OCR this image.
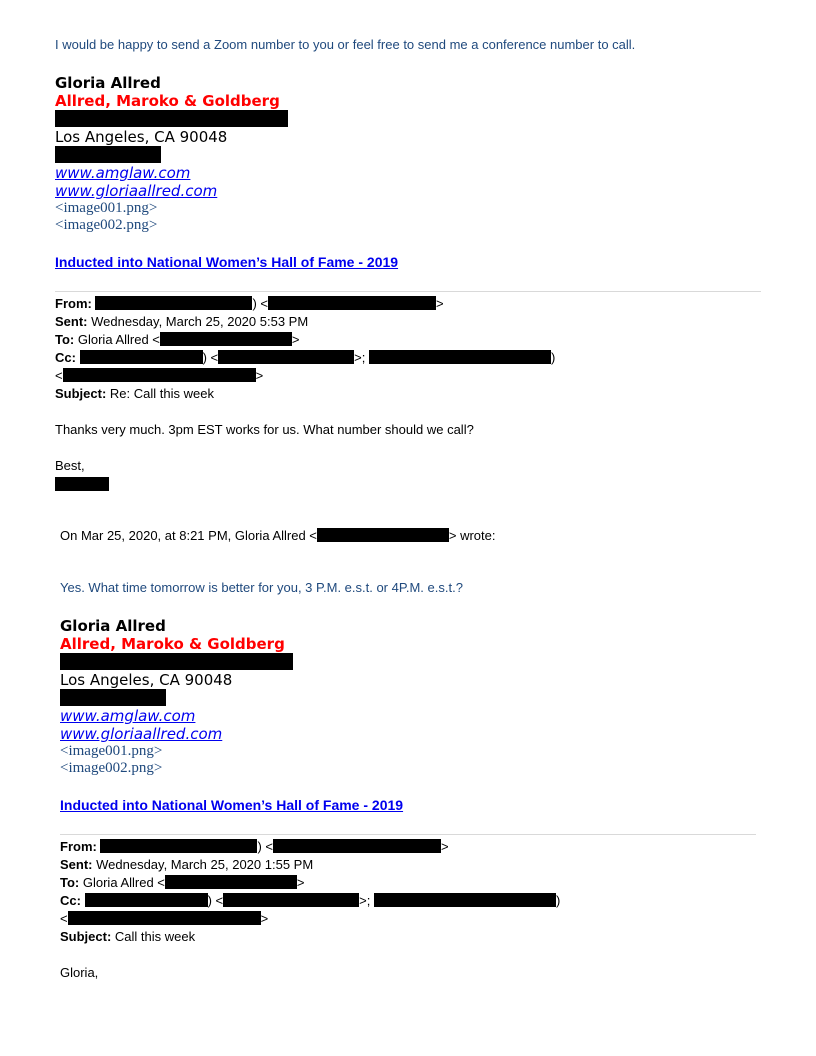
I would be happy to send a Zoom number to you or feel free to send me a conference number to call.
Gloria Allred
Allred, Maroko & Goldberg
Los Angeles, CA 90048
www.amglaw.com
www.gloriaallred.com
<image001.png>
<image002.png>
Inducted into National Women’s Hall of Fame - 2019
From:	) <	>
Sent: Wednesday, March 25, 2020 5:53 PM
To: Gloria Allred <	>
Cc:	) <	>;	)
<	>
Subject: Re: Call this week
Thanks very much. 3pm EST works for us. What number should we call?
Best,
On Mar 25, 2020, at 8:21 PM, Gloria Allred <	> wrote:
Yes. What time tomorrow is better for you, 3 P.M. e.s.t. or 4P.M. e.s.t.?
Gloria Allred
Allred, Maroko & Goldberg
Los Angeles, CA 90048
www.amglaw.com
www.gloriaallred.com
<image001.png>
<image002.png>
Inducted into National Women’s Hall of Fame - 2019
From:	) <	>
Sent: Wednesday, March 25, 2020 1:55 PM
To: Gloria Allred <	>
Cc:	) <	>;	)
<	>
Subject: Call this week
Gloria,
